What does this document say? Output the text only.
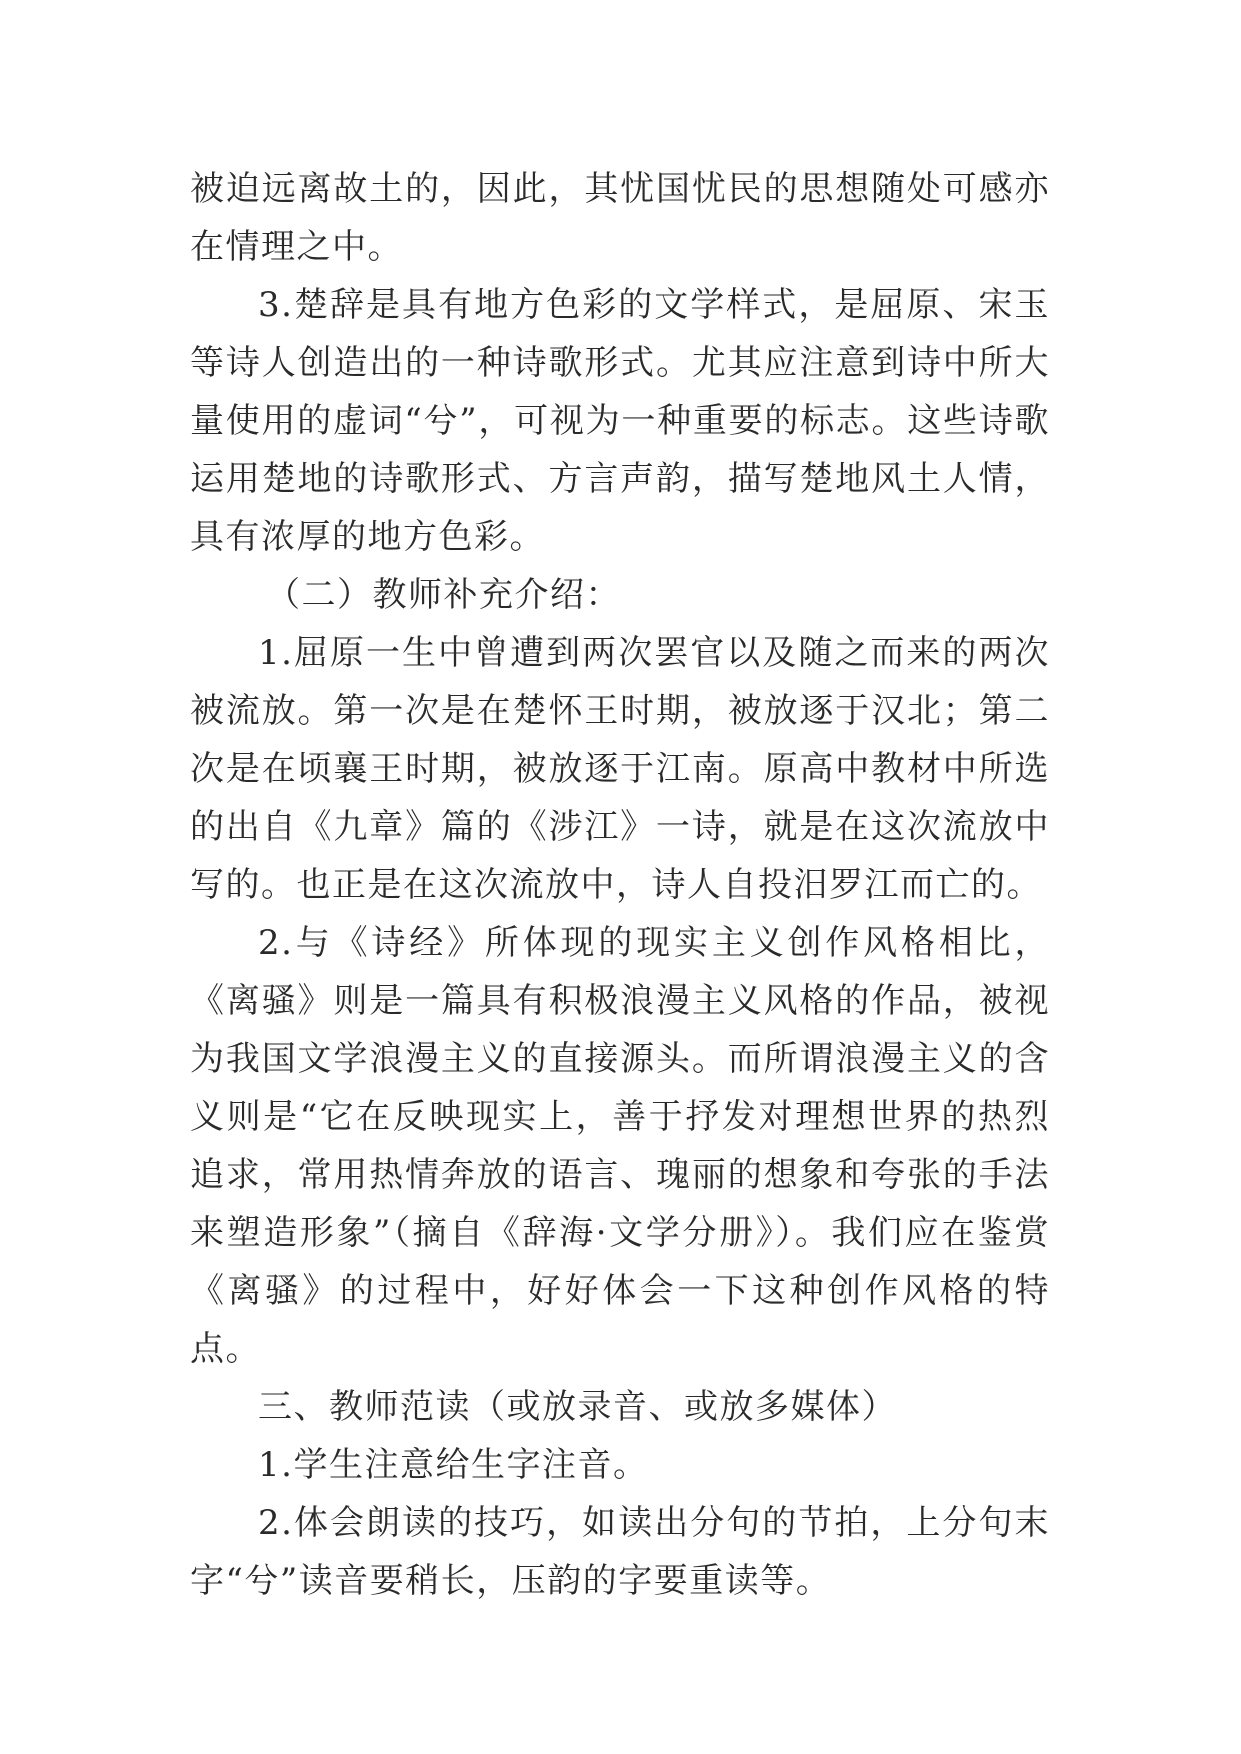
被迫远离故土的，因此，其忧国忧民的思想随处可感亦在情理之中。

3.楚辞是具有地方色彩的文学样式，是屈原、宋玉等诗人创造出的一种诗歌形式。尤其应注意到诗中所大量使用的虚词“兮”，可视为一种重要的标志。这些诗歌运用楚地的诗歌形式、方言声韵，描写楚地风土人情，具有浓厚的地方色彩。

（二）教师补充介绍：

1.屈原一生中曾遭到两次罢官以及随之而来的两次被流放。第一次是在楚怀王时期，被放逐于汉北；第二次是在顷襄王时期，被放逐于江南。原高中教材中所选的出自《九章》篇的《涉江》一诗，就是在这次流放中写的。也正是在这次流放中，诗人自投汨罗江而亡的。

2.与《诗经》所体现的现实主义创作风格相比，《离骚》则是一篇具有积极浪漫主义风格的作品，被视为我国文学浪漫主义的直接源头。而所谓浪漫主义的含义则是“它在反映现实上，善于抒发对理想世界的热烈追求，常用热情奔放的语言、瑰丽的想象和夸张的手法来塑造形象”（摘自《辞海·文学分册》）。我们应在鉴赏《离骚》的过程中，好好体会一下这种创作风格的特点。

三、教师范读（或放录音、或放多媒体）

1.学生注意给生字注音。

2.体会朗读的技巧，如读出分句的节拍，上分句末字“兮”读音要稍长，压韵的字要重读等。
